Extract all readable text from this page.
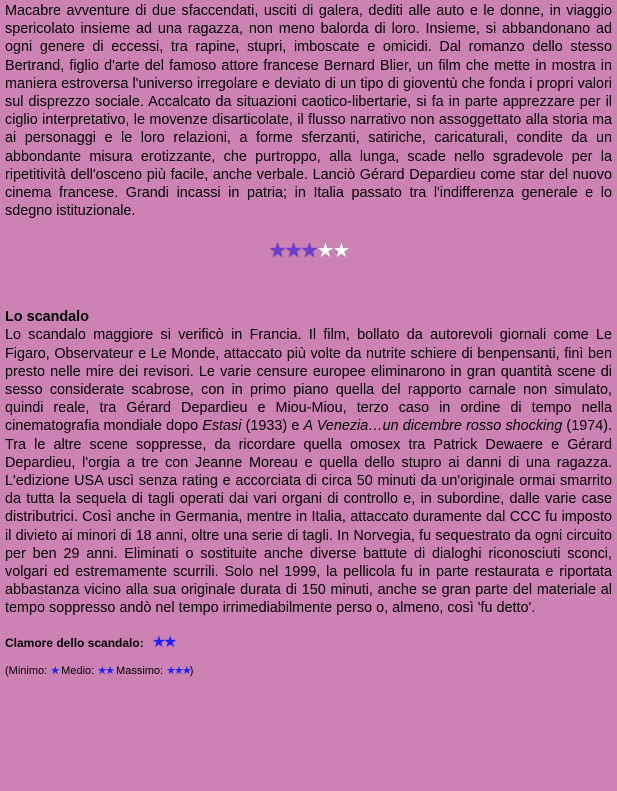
Macabre avventure di due sfaccendati, usciti di galera, dediti alle auto e le donne, in viaggio spericolato insieme ad una ragazza, non meno balorda di loro. Insieme, si abbandonano ad ogni genere di eccessi, tra rapine, stupri, imboscate e omicidi. Dal romanzo dello stesso Bertrand, figlio d'arte del famoso attore francese Bernard Blier, un film che mette in mostra in maniera estroversa l'universo irregolare e deviato di un tipo di gioventù che fonda i propri valori sul disprezzo sociale. Accalcato da situazioni caotico-libertarie, si fa in parte apprezzare per il ciglio interpretativo, le movenze disarticolate, il flusso narrativo non assoggettato alla storia ma ai personaggi e le loro relazioni, a forme sferzanti, satiriche, caricaturali, condite da un abbondante misura erotizzante, che purtroppo, alla lunga, scade nello sgradevole per la ripetitività dell'osceno più facile, anche verbale. Lanciò Gérard Depardieu come star del nuovo cinema francese. Grandi incassi in patria; in Italia passato tra l'indifferenza generale e lo sdegno istituzionale.

★★★★★
Lo scandalo

Lo scandalo maggiore si verificò in Francia. Il film, bollato da autorevoli giornali come Le Figaro, Observateur e Le Monde, attaccato più volte da nutrite schiere di benpensanti, finì ben presto nelle mire dei revisori. Le varie censure europee eliminarono in gran quantità scene di sesso considerate scabrose, con in primo piano quella del rapporto carnale non simulato, quindi reale, tra Gérard Depardieu e Miou-Miou, terzo caso in ordine di tempo nella cinematografia mondiale dopo Estasi (1933) e A Venezia…un dicembre rosso shocking (1974). Tra le altre scene soppresse, da ricordare quella omosex tra Patrick Dewaere e Gérard Depardieu, l'orgia a tre con Jeanne Moreau e quella dello stupro ai danni di una ragazza. L'edizione USA uscì senza rating e accorciata di circa 50 minuti da un'originale ormai smarrito da tutta la sequela di tagli operati dai vari organi di controllo e, in subordine, dalle varie case distributrici. Così anche in Germania, mentre in Italia, attaccato duramente dal CCC fu imposto il divieto ai minori di 18 anni, oltre una serie di tagli. In Norvegia, fu sequestrato da ogni circuito per ben 29 anni. Eliminati o sostituite anche diverse battute di dialoghi riconosciuti sconci, volgari ed estremamente scurrili. Solo nel 1999, la pellicola fu in parte restaurata e riportata abbastanza vicino alla sua originale durata di 150 minuti, anche se gran parte del materiale al tempo soppresso andò nel tempo irrimediabilmente perso o, almeno, così 'fu detto'.

Clamore dello scandalo: ★★
(Minimo: ★ Medio: ★★ Massimo: ★★★)
